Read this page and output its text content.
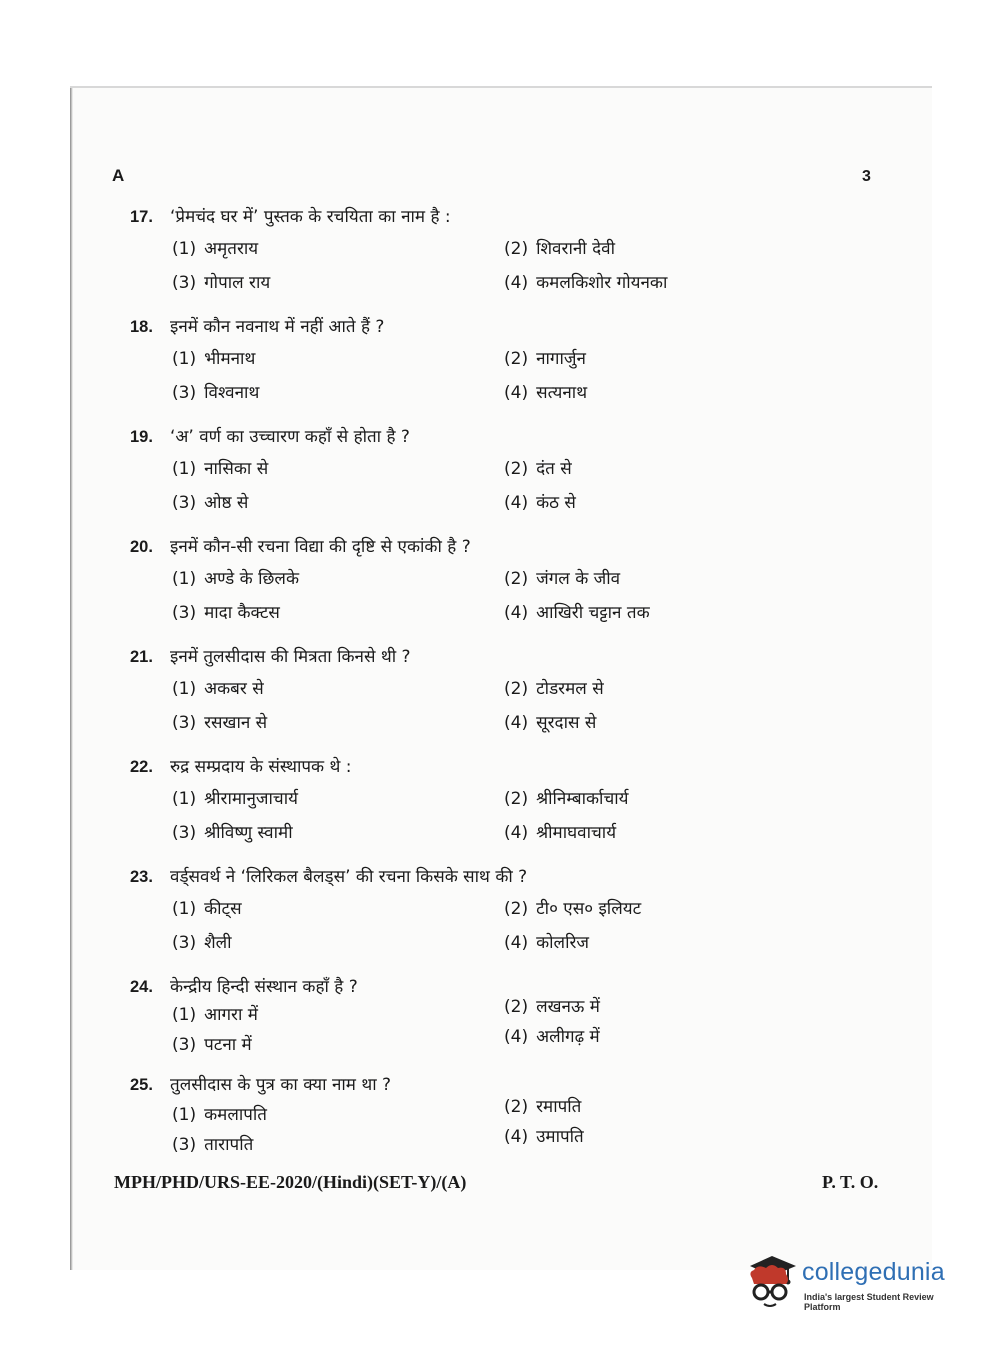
A	3
17. ‘प्रेमचंद घर में’ पुस्तक के रचयिता का नाम है :
(1) अमृतराय	(2) शिवरानी देवी
(3) गोपाल राय	(4) कमलकिशोर गोयनका
18. इनमें कौन नवनाथ में नहीं आते हैं ?
(1) भीमनाथ	(2) नागार्जुन
(3) विश्वनाथ	(4) सत्यनाथ
19. ‘अ’ वर्ण का उच्चारण कहाँ से होता है ?
(1) नासिका से	(2) दंत से
(3) ओष्ठ से	(4) कंठ से
20. इनमें कौन-सी रचना विद्या की दृष्टि से एकांकी है ?
(1) अण्डे के छिलके	(2) जंगल के जीव
(3) मादा कैक्टस	(4) आखिरी चट्टान तक
21. इनमें तुलसीदास की मित्रता किनसे थी ?
(1) अकबर से	(2) टोडरमल से
(3) रसखान से	(4) सूरदास से
22. रुद्र सम्प्रदाय के संस्थापक थे :
(1) श्रीरामानुजाचार्य	(2) श्रीनिम्बार्काचार्य
(3) श्रीविष्णु स्वामी	(4) श्रीमाघवाचार्य
23. वर्ड्सवर्थ ने ‘लिरिकल बैलड्स’ की रचना किसके साथ की ?
(1) कीट्स	(2) टी० एस० इलियट
(3) शैली	(4) कोलरिज
24. केन्द्रीय हिन्दी संस्थान कहाँ है ?
(1) आगरा में	(2) लखनऊ में
(3) पटना में	(4) अलीगढ़ में
25. तुलसीदास के पुत्र का क्या नाम था ?
(1) कमलापति	(2) रमापति
(3) तारापति	(4) उमापति
MPH/PHD/URS-EE-2020/(Hindi)(SET-Y)/(A)	P. T. O.
collegedunia
India's largest Student Review Platform
